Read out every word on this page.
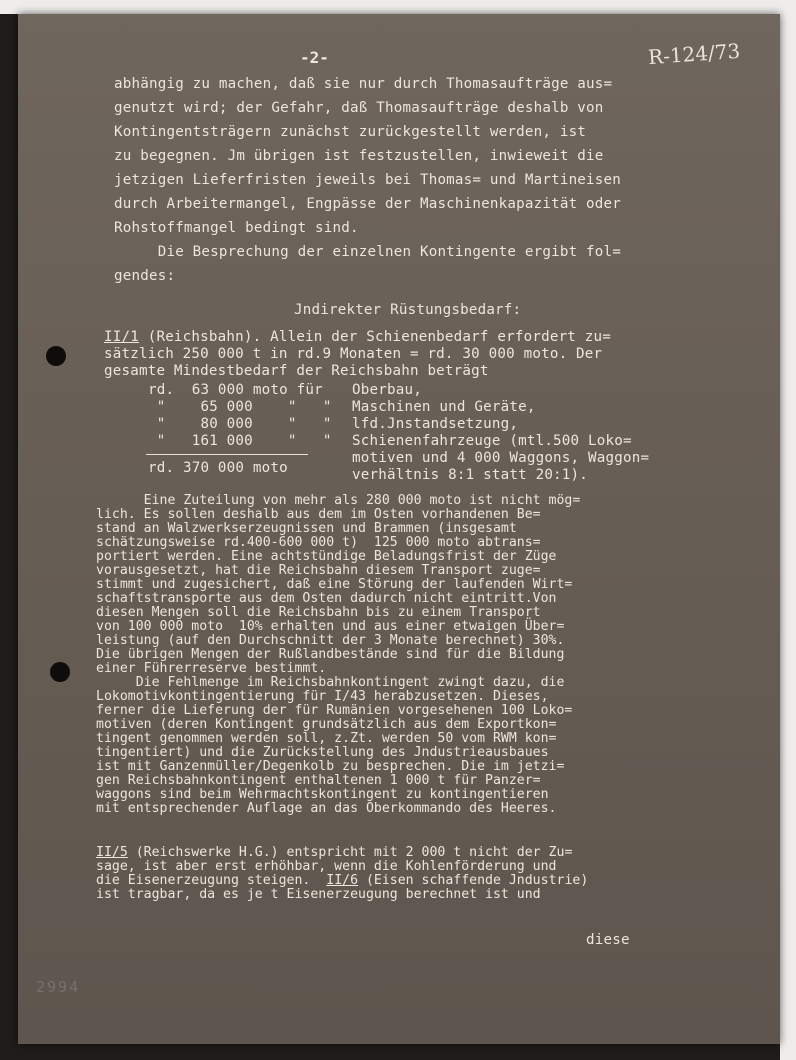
-2-	R-124/73
abhängig zu machen, daß sie nur durch Thomasaufträge aus=
genutzt wird; der Gefahr, daß Thomasaufträge deshalb von
Kontingentsträgern zunächst zurückgestellt werden, ist
zu begegnen. Jm übrigen ist festzustellen, inwieweit die
jetzigen Lieferfristen jeweils bei Thomas= und Martineisen
durch Arbeitermangel, Engpässe der Maschinenkapazität oder
Rohstoffmangel bedingt sind.
Die Besprechung der einzelnen Kontingente ergibt fol=
gendes:
Jndirekter Rüstungsbedarf:
II/1 (Reichsbahn). Allein der Schienenbedarf erfordert zu=
sätzlich 250 000 t in rd.9 Monaten = rd. 30 000 moto. Der
gesamte Mindestbedarf der Reichsbahn beträgt
rd.  63 000 moto für
"    65 000    "   "
"    80 000    "   "
"   161 000    "   "
Oberbau,
Maschinen und Geräte,
lfd.Jnstandsetzung,
Schienenfahrzeuge (mtl.500 Loko=
motiven und 4 000 Waggons, Waggon=
verhältnis 8:1 statt 20:1).
rd. 370 000 moto
Eine Zuteilung von mehr als 280 000 moto ist nicht mög=
lich. Es sollen deshalb aus dem im Osten vorhandenen Be=
stand an Walzwerkserzeugnissen und Brammen (insgesamt
schätzungsweise rd.400-600 000 t)  125 000 moto abtrans=
portiert werden. Eine achtstündige Beladungsfrist der Züge
vorausgesetzt, hat die Reichsbahn diesem Transport zuge=
stimmt und zugesichert, daß eine Störung der laufenden Wirt=
schaftstransporte aus dem Osten dadurch nicht eintritt.Von
diesen Mengen soll die Reichsbahn bis zu einem Transport
von 100 000 moto  10% erhalten und aus einer etwaigen Über=
leistung (auf den Durchschnitt der 3 Monate berechnet) 30%.
Die übrigen Mengen der Rußlandbestände sind für die Bildung
einer Führerreserve bestimmt.
Die Fehlmenge im Reichsbahnkontingent zwingt dazu, die
Lokomotivkontingentierung für I/43 herabzusetzen. Dieses,
ferner die Lieferung der für Rumänien vorgesehenen 100 Loko=
motiven (deren Kontingent grundsätzlich aus dem Exportkon=
tingent genommen werden soll, z.Zt. werden 50 vom RWM kon=
tingentiert) und die Zurückstellung des Jndustrieausbaues
ist mit Ganzenmüller/Degenkolb zu besprechen. Die im jetzi=
gen Reichsbahnkontingent enthaltenen 1 000 t für Panzer=
waggons sind beim Wehrmachtskontingent zu kontingentieren
mit entsprechender Auflage an das Oberkommando des Heeres.
II/5 (Reichswerke H.G.) entspricht mit 2 000 t nicht der Zu=
sage, ist aber erst erhöhbar, wenn die Kohlenförderung und
die Eisenerzeugung steigen.  II/6 (Eisen schaffende Jndustrie)
ist tragbar, da es je t Eisenerzeugung berechnet ist und
diese
2994
